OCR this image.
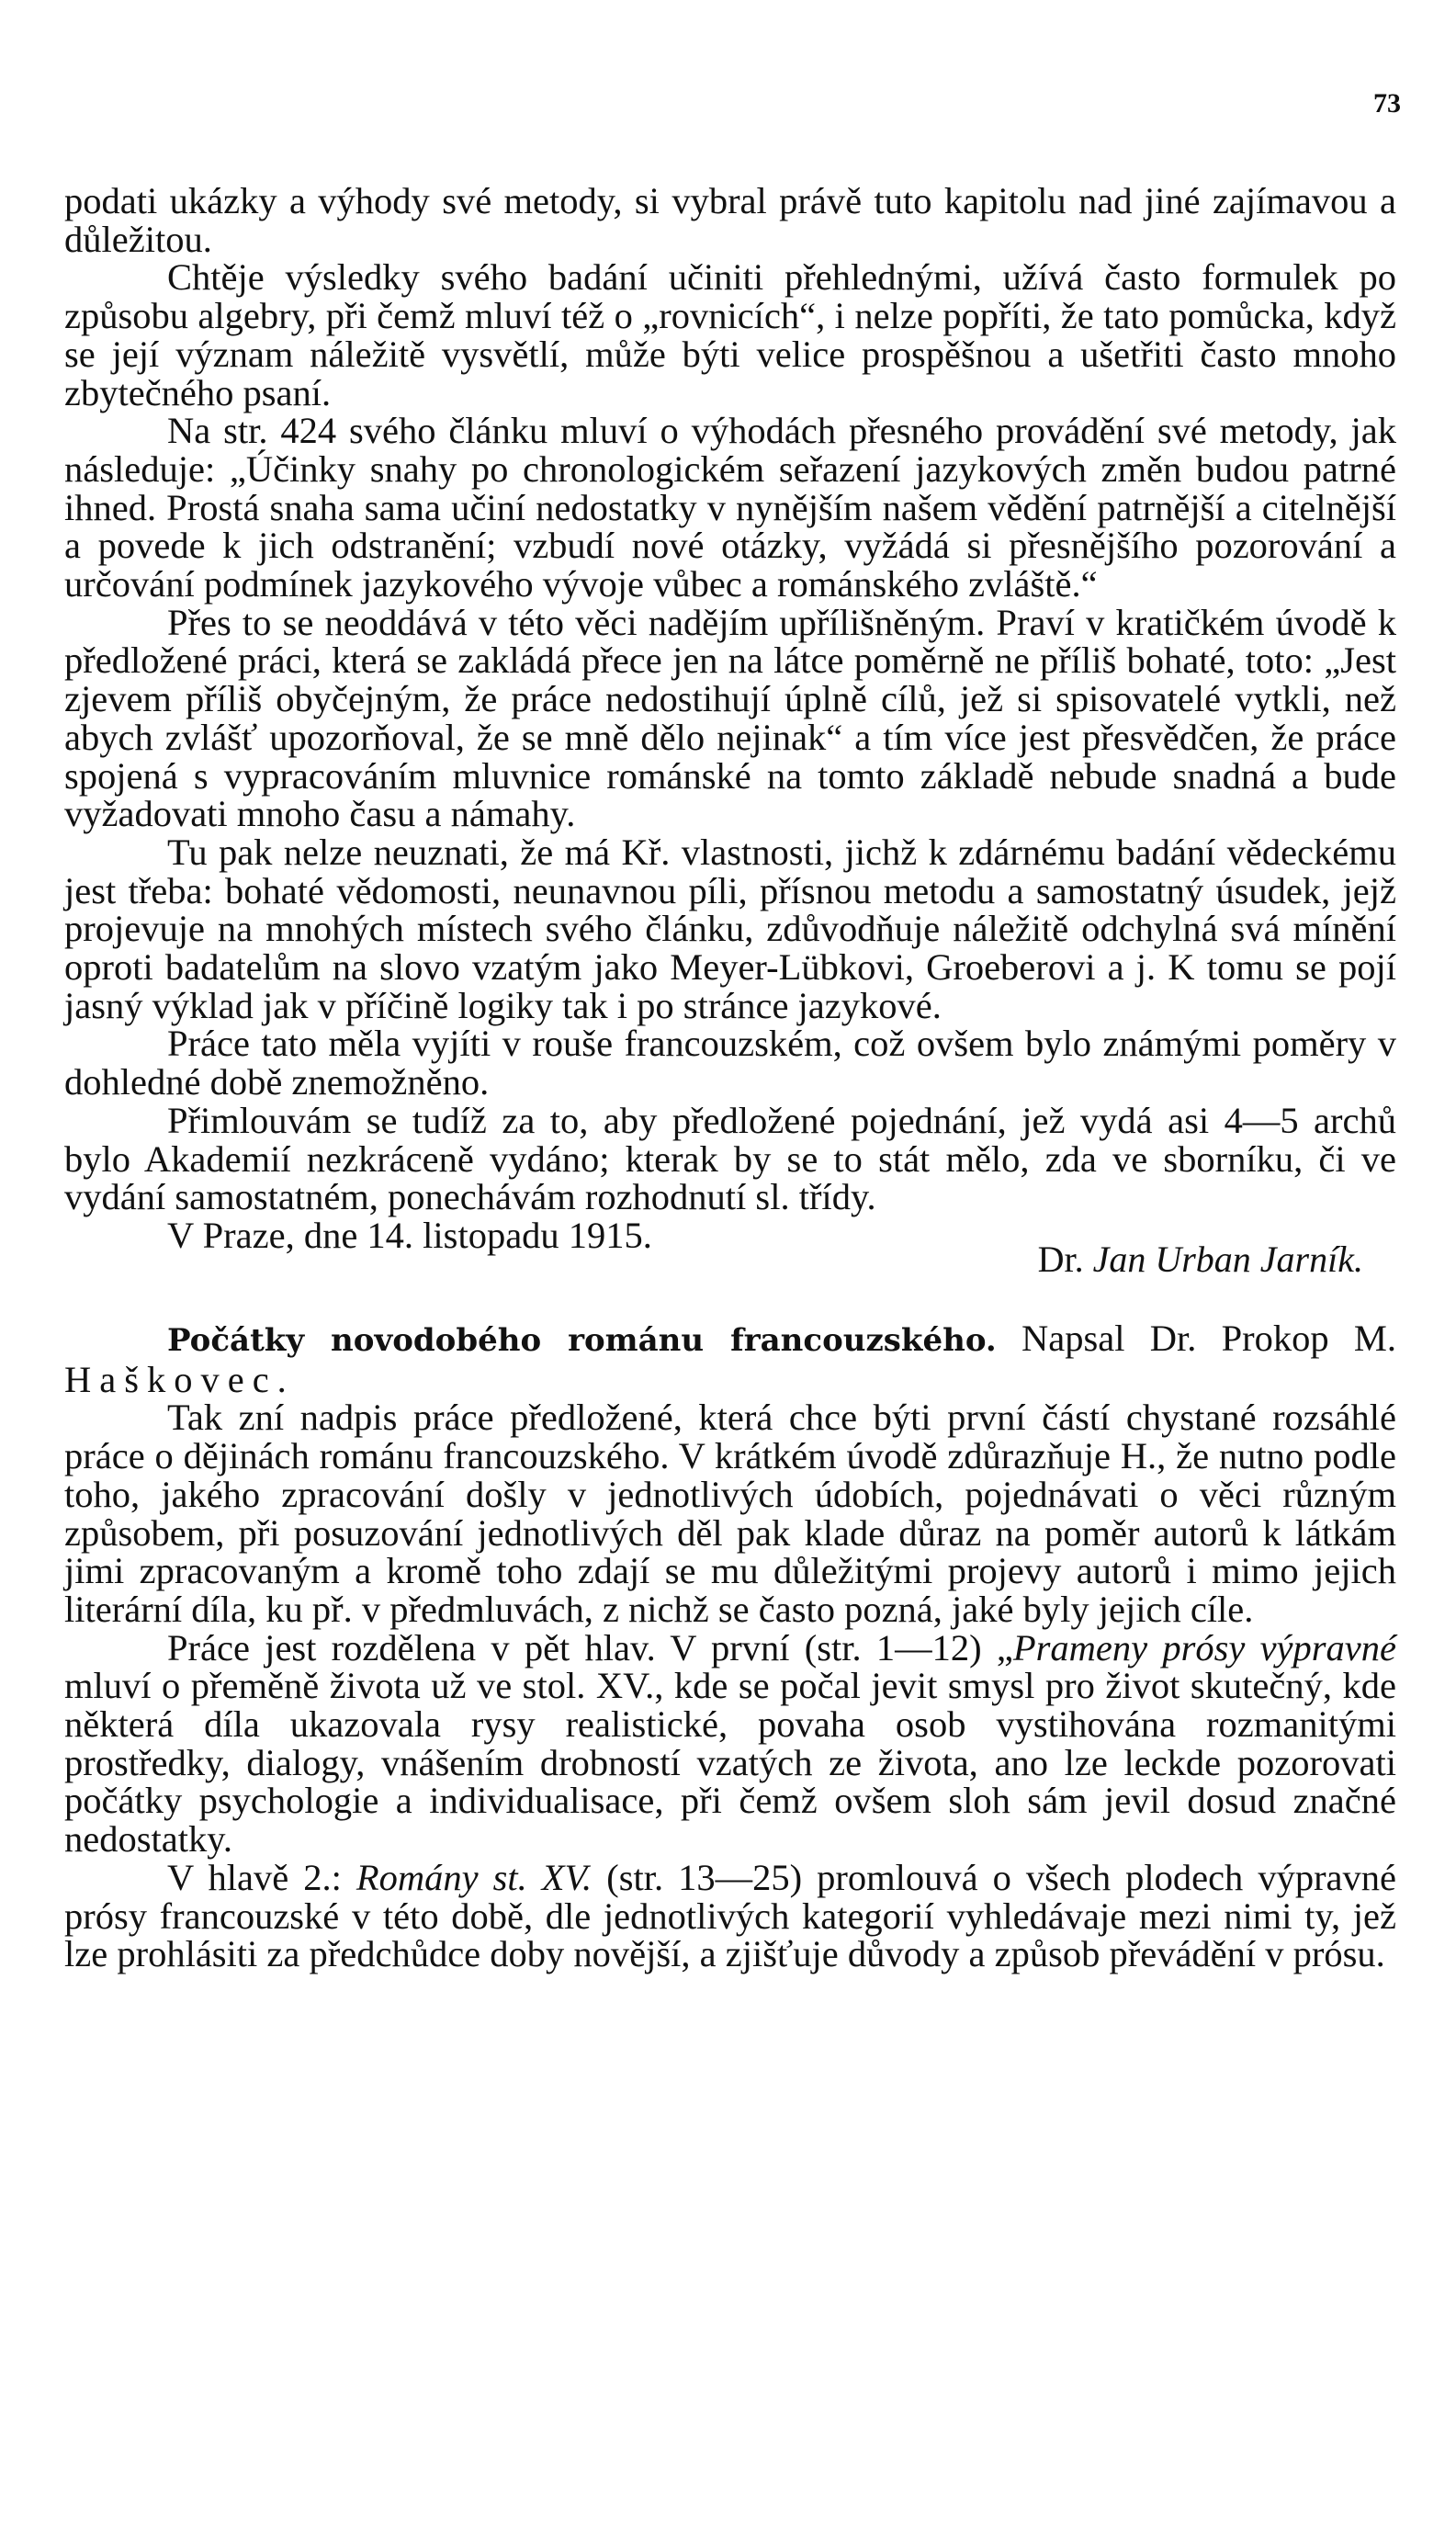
73

podati ukázky a výhody své metody, si vybral právě tuto kapitolu nad jiné zajímavou a důležitou.

Chtěje výsledky svého badání učiniti přehlednými, užívá často formulek po způsobu algebry, při čemž mluví též o „rovnicích“, i nelze popříti, že tato pomůcka, když se její význam náležitě vysvětlí, může býti velice prospěšnou a ušetřiti často mnoho zbytečného psaní.

Na str. 424 svého článku mluví o výhodách přesného provádění své metody, jak následuje: „Účinky snahy po chronologickém seřazení jazykových změn budou patrné ihned. Prostá snaha sama učiní nedostatky v nynějším našem vědění patrnější a citelnější a povede k jich odstranění; vzbudí nové otázky, vyžádá si přesnějšího pozorování a určování podmínek jazykového vývoje vůbec a románského zvláště.“

Přes to se neoddává v této věci nadějím upřílišněným. Praví v kratičkém úvodě k předložené práci, která se zakládá přece jen na látce poměrně ne příliš bohaté, toto: „Jest zjevem příliš obyčejným, že práce nedostihují úplně cílů, jež si spisovatelé vytkli, než abych zvlášť upozorňoval, že se mně dělo nejinak“ a tím více jest přesvědčen, že práce spojená s vypracováním mluvnice románské na tomto základě nebude snadná a bude vyžadovati mnoho času a námahy.

Tu pak nelze neuznati, že má Kř. vlastnosti, jichž k zdárnému badání vědeckému jest třeba: bohaté vědomosti, neunavnou píli, přísnou metodu a samostatný úsudek, jejž projevuje na mnohých místech svého článku, zdůvodňuje náležitě odchylná svá mínění oproti badatelům na slovo vzatým jako Meyer-Lübkovi, Groeberovi a j. K tomu se pojí jasný výklad jak v příčině logiky tak i po stránce jazykové.

Práce tato měla vyjíti v rouše francouzském, což ovšem bylo známými poměry v dohledné době znemožněno.

Přimlouvám se tudíž za to, aby předložené pojednání, jež vydá asi 4—5 archů bylo Akademií nezkráceně vydáno; kterak by se to stát mělo, zda ve sborníku, či ve vydání samostatném, ponechávám rozhodnutí sl. třídy.

V Praze, dne 14. listopadu 1915.
Dr. Jan Urban Jarník.

Počátky novodobého románu francouzského. Napsal Dr. Prokop M. Haškovec.

Tak zní nadpis práce předložené, která chce býti první částí chystané rozsáhlé práce o dějinách románu francouzského. V krátkém úvodě zdůrazňuje H., že nutno podle toho, jakého zpracování došly v jednotlivých údobích, pojednávati o věci různým způsobem, při posuzování jednotlivých děl pak klade důraz na poměr autorů k látkám jimi zpracovaným a kromě toho zdají se mu důležitými projevy autorů i mimo jejich literární díla, ku př. v předmluvách, z nichž se často pozná, jaké byly jejich cíle.

Práce jest rozdělena v pět hlav. V první (str. 1—12) „Prameny prósy výpravné mluví o přeměně života už ve stol. XV., kde se počal jevit smysl pro život skutečný, kde některá díla ukazovala rysy realistické, povaha osob vystihována rozmanitými prostředky, dialogy, vnášením drobností vzatých ze života, ano lze leckde pozorovati počátky psychologie a individualisace, při čemž ovšem sloh sám jevil dosud značné nedostatky.

V hlavě 2.: Romány st. XV. (str. 13—25) promlouvá o všech plodech výpravné prósy francouzské v této době, dle jednotlivých kategorií vyhledávaje mezi nimi ty, jež lze prohlásiti za předchůdce doby novější, a zjišťuje důvody a způsob převádění v prósu.
